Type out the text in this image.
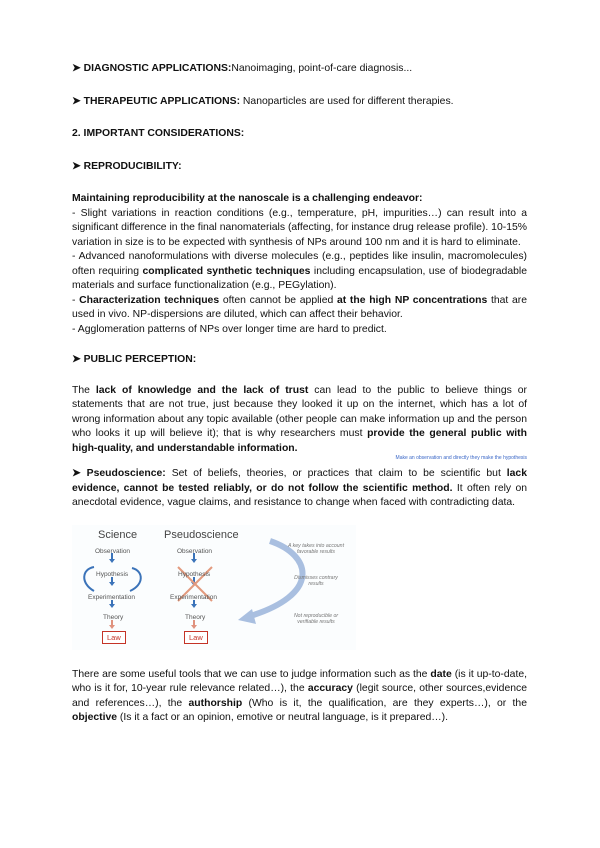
➤ DIAGNOSTIC APPLICATIONS:Nanoimaging, point-of-care diagnosis...

➤ THERAPEUTIC APPLICATIONS: Nanoparticles are used for different therapies.

2. IMPORTANT CONSIDERATIONS:

➤ REPRODUCIBILITY:

Maintaining reproducibility at the nanoscale is a challenging endeavor:

- Slight variations in reaction conditions (e.g., temperature, pH, impurities…) can result into a significant difference in the final nanomaterials (affecting, for instance drug release profile). 10-15% variation in size is to be expected with synthesis of NPs around 100 nm and it is hard to eliminate.

- Advanced nanoformulations with diverse molecules (e.g., peptides like insulin, macromolecules) often requiring complicated synthetic techniques including encapsulation, use of biodegradable materials and surface functionalization (e.g., PEGylation).

- Characterization techniques often cannot be applied at the high NP concentrations that are used in vivo. NP-dispersions are diluted, which can affect their behavior.

- Agglomeration patterns of NPs over longer time are hard to predict.

➤ PUBLIC PERCEPTION:

The lack of knowledge and the lack of trust can lead to the public to believe things or statements that are not true, just because they looked it up on the internet, which has a lot of wrong information about any topic available (other people can make information up and the person who looks it up will believe it); that is why researchers must provide the general public with high-quality, and understandable information.

Make an observation and directly they make the hypothesis

➤ Pseudoscience: Set of beliefs, theories, or practices that claim to be scientific but lack evidence, cannot be tested reliably, or do not follow the scientific method. It often rely on anecdotal evidence, vague claims, and resistance to change when faced with contradicting data.

Science Pseudoscience
Observation
Hypothesis
Experimentation
Theory
Law
Observation
Hypothesis
Experimentation
Theory
Law
A key takes into account favorable results
Dismisses contrary results
Not reproducible or verifiable results

There are some useful tools that we can use to judge information such as the date (is it up-to-date, who is it for, 10-year rule relevance related…), the accuracy (legit source, other sources,evidence and references…), the authorship (Who is it, the qualification, are they experts…), or the objective (Is it a fact or an opinion, emotive or neutral language, is it prepared…).
